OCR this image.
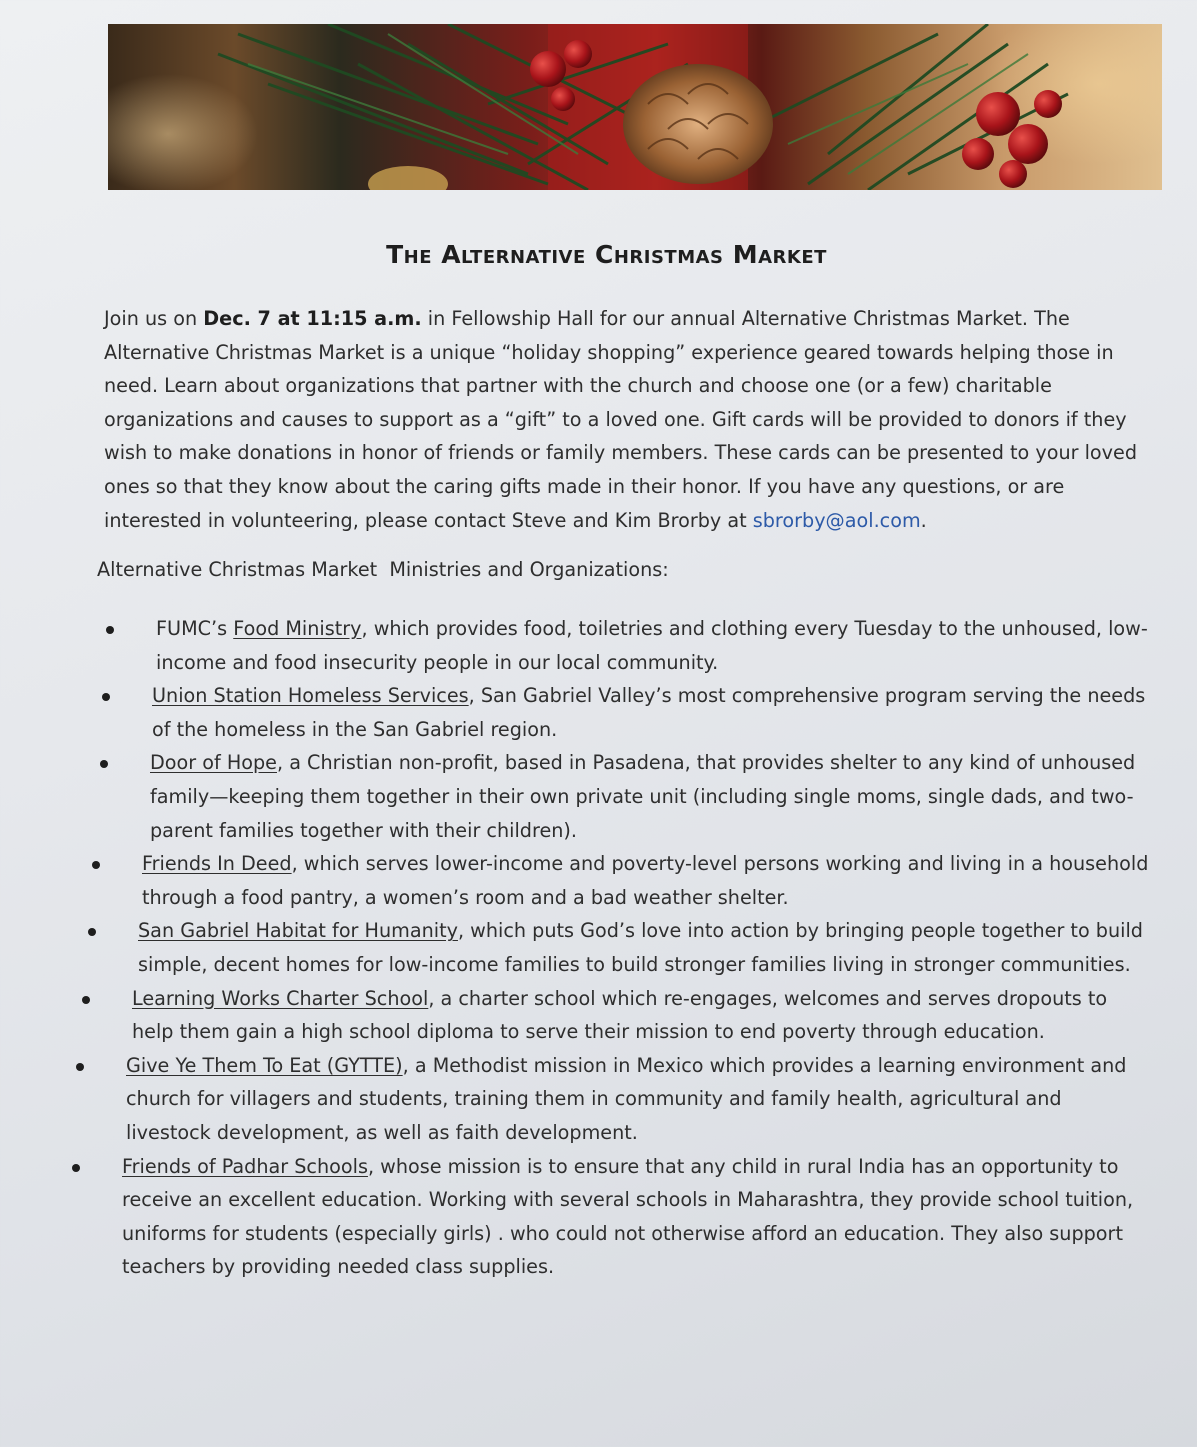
The Alternative Christmas Market
Join us on Dec. 7 at 11:15 a.m. in Fellowship Hall for our annual Alternative Christmas Market. The Alternative Christmas Market is a unique “holiday shopping” experience geared towards helping those in need. Learn about organizations that partner with the church and choose one (or a few) charitable organizations and causes to support as a “gift” to a loved one. Gift cards will be provided to donors if they wish to make donations in honor of friends or family members. These cards can be presented to your loved ones so that they know about the caring gifts made in their honor. If you have any questions, or are interested in volunteering, please contact Steve and Kim Brorby at sbrorby@aol.com.
Alternative Christmas Market  Ministries and Organizations:
FUMC’s Food Ministry, which provides food, toiletries and clothing every Tuesday to the unhoused, low-income and food insecurity people in our local community.
Union Station Homeless Services, San Gabriel Valley’s most comprehensive program serving the needs of the homeless in the San Gabriel region.
Door of Hope, a Christian non-profit, based in Pasadena, that provides shelter to any kind of unhoused family—keeping them together in their own private unit (including single moms, single dads, and two-parent families together with their children).
Friends In Deed, which serves lower-income and poverty-level persons working and living in a household through a food pantry, a women’s room and a bad weather shelter.
San Gabriel Habitat for Humanity, which puts God’s love into action by bringing people together to build simple, decent homes for low-income families to build stronger families living in stronger communities.
Learning Works Charter School, a charter school which re-engages, welcomes and serves dropouts to help them gain a high school diploma to serve their mission to end poverty through education.
Give Ye Them To Eat (GYTTE), a Methodist mission in Mexico which provides a learning environment and church for villagers and students, training them in community and family health, agricultural and livestock development, as well as faith development.
Friends of Padhar Schools, whose mission is to ensure that any child in rural India has an opportunity to receive an excellent education. Working with several schools in Maharashtra, they provide school tuition, uniforms for students (especially girls) . who could not otherwise afford an education. They also support teachers by providing needed class supplies.
